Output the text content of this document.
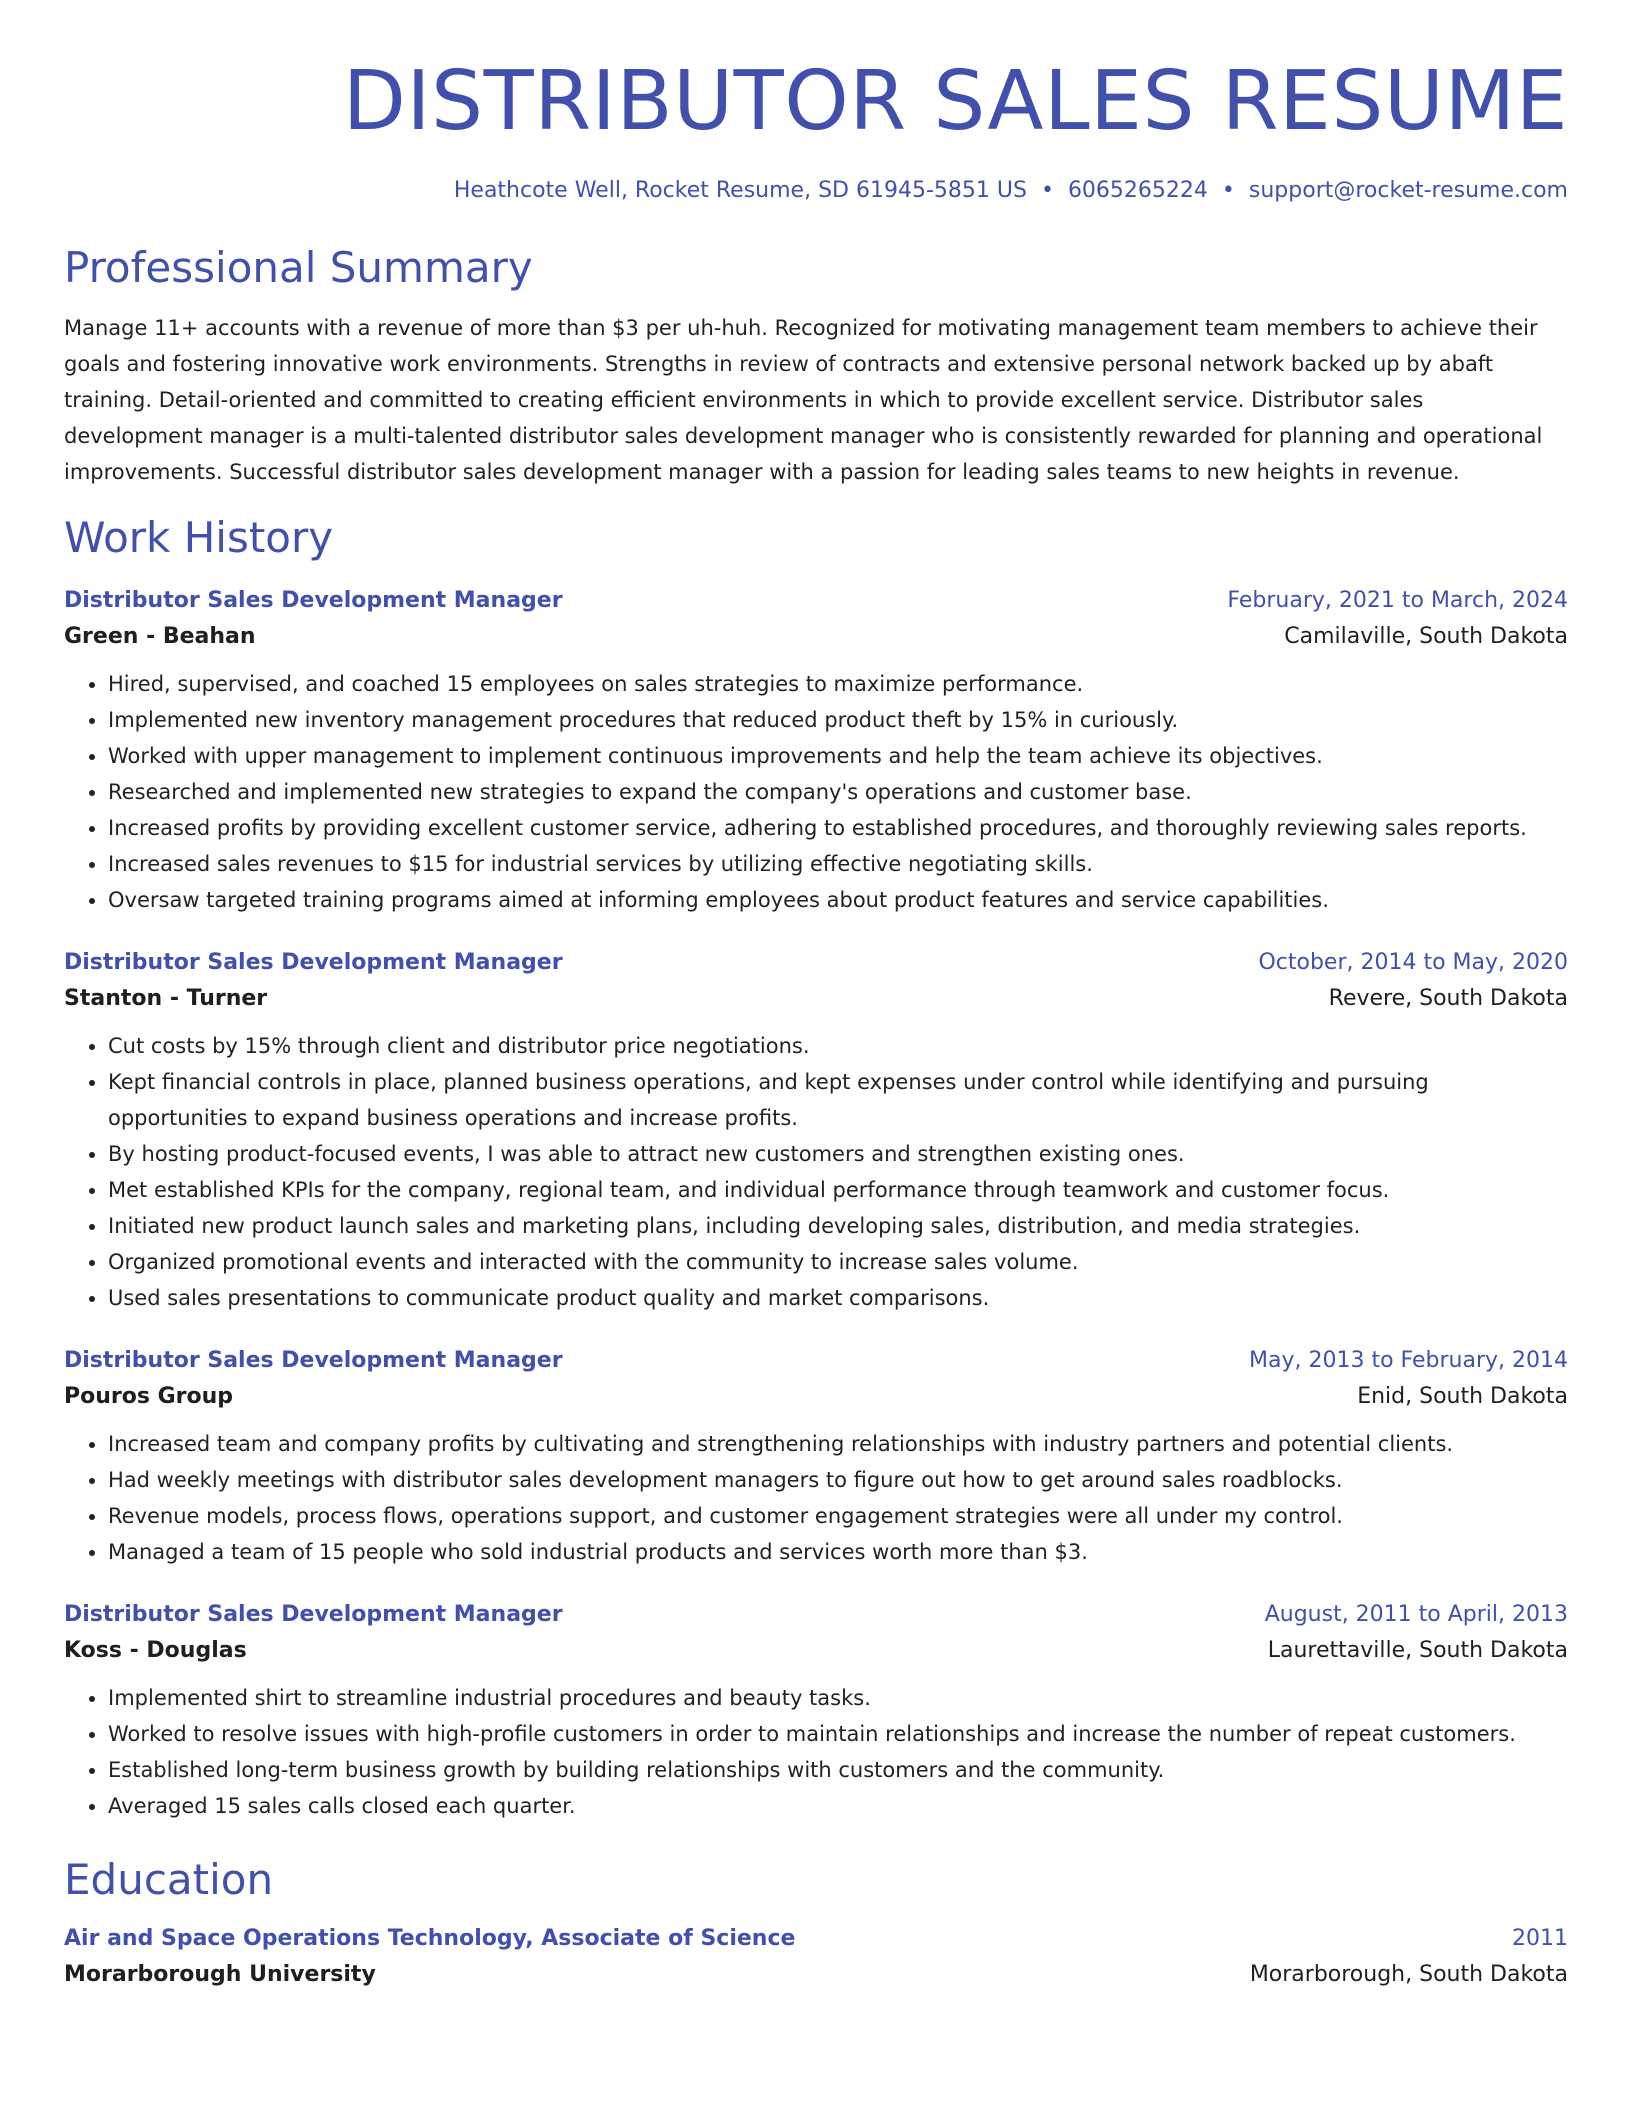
DISTRIBUTOR SALES RESUME
Heathcote Well, Rocket Resume, SD 61945-5851 US • 6065265224 • support@rocket-resume.com
Professional Summary
Manage 11+ accounts with a revenue of more than $3 per uh-huh. Recognized for motivating management team members to achieve their goals and fostering innovative work environments. Strengths in review of contracts and extensive personal network backed up by abaft training. Detail-oriented and committed to creating efficient environments in which to provide excellent service. Distributor sales development manager is a multi-talented distributor sales development manager who is consistently rewarded for planning and operational improvements. Successful distributor sales development manager with a passion for leading sales teams to new heights in revenue.
Work History
Distributor Sales Development Manager	February, 2021 to March, 2024
Green - Beahan	Camilaville, South Dakota
• Hired, supervised, and coached 15 employees on sales strategies to maximize performance.
• Implemented new inventory management procedures that reduced product theft by 15% in curiously.
• Worked with upper management to implement continuous improvements and help the team achieve its objectives.
• Researched and implemented new strategies to expand the company's operations and customer base.
• Increased profits by providing excellent customer service, adhering to established procedures, and thoroughly reviewing sales reports.
• Increased sales revenues to $15 for industrial services by utilizing effective negotiating skills.
• Oversaw targeted training programs aimed at informing employees about product features and service capabilities.
Distributor Sales Development Manager	October, 2014 to May, 2020
Stanton - Turner	Revere, South Dakota
• Cut costs by 15% through client and distributor price negotiations.
• Kept financial controls in place, planned business operations, and kept expenses under control while identifying and pursuing opportunities to expand business operations and increase profits.
• By hosting product-focused events, I was able to attract new customers and strengthen existing ones.
• Met established KPIs for the company, regional team, and individual performance through teamwork and customer focus.
• Initiated new product launch sales and marketing plans, including developing sales, distribution, and media strategies.
• Organized promotional events and interacted with the community to increase sales volume.
• Used sales presentations to communicate product quality and market comparisons.
Distributor Sales Development Manager	May, 2013 to February, 2014
Pouros Group	Enid, South Dakota
• Increased team and company profits by cultivating and strengthening relationships with industry partners and potential clients.
• Had weekly meetings with distributor sales development managers to figure out how to get around sales roadblocks.
• Revenue models, process flows, operations support, and customer engagement strategies were all under my control.
• Managed a team of 15 people who sold industrial products and services worth more than $3.
Distributor Sales Development Manager	August, 2011 to April, 2013
Koss - Douglas	Laurettaville, South Dakota
• Implemented shirt to streamline industrial procedures and beauty tasks.
• Worked to resolve issues with high-profile customers in order to maintain relationships and increase the number of repeat customers.
• Established long-term business growth by building relationships with customers and the community.
• Averaged 15 sales calls closed each quarter.
Education
Air and Space Operations Technology, Associate of Science	2011
Morarborough University	Morarborough, South Dakota
